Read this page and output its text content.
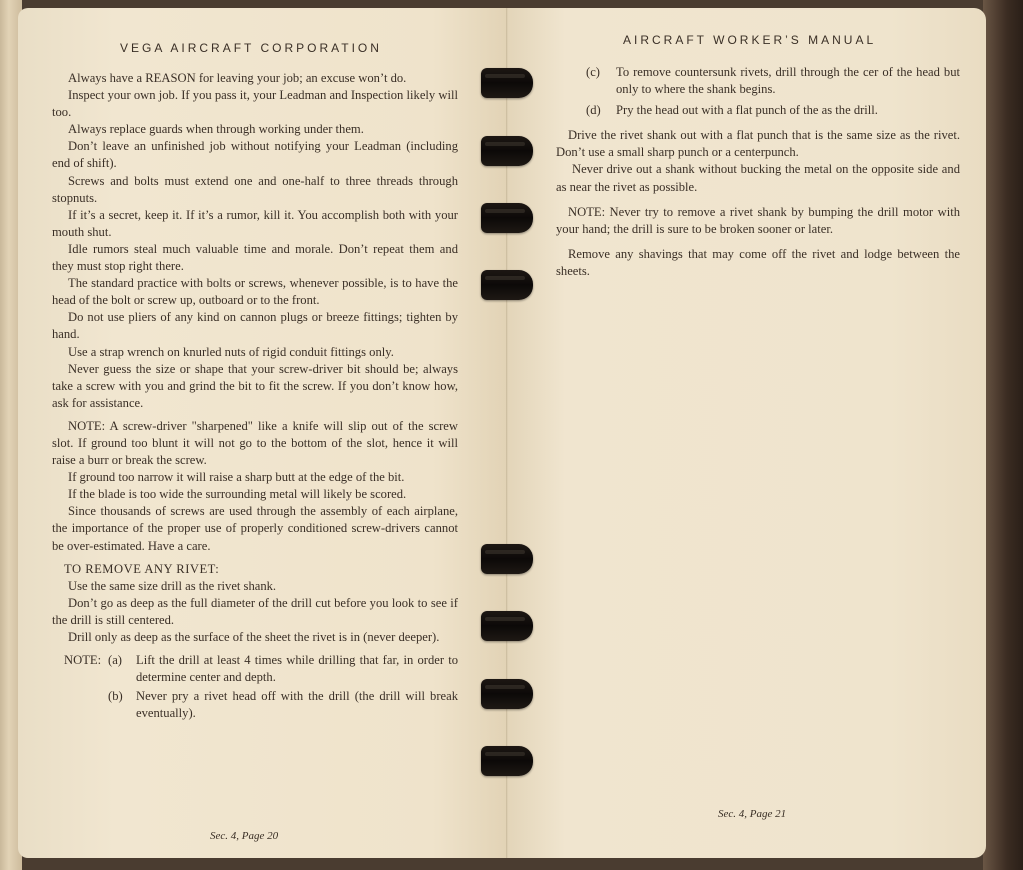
VEGA AIRCRAFT CORPORATION

Always have a REASON for leaving your job; an excuse won’t do.

Inspect your own job. If you pass it, your Leadman and Inspection likely will too.

Always replace guards when through working under them.

Don’t leave an unfinished job without notifying your Leadman (including end of shift).

Screws and bolts must extend one and one-half to three threads through stopnuts.

If it’s a secret, keep it. If it’s a rumor, kill it. You accomplish both with your mouth shut.

Idle rumors steal much valuable time and morale. Don’t repeat them and they must stop right there.

The standard practice with bolts or screws, whenever possible, is to have the head of the bolt or screw up, outboard or to the front.

Do not use pliers of any kind on cannon plugs or breeze fittings; tighten by hand.

Use a strap wrench on knurled nuts of rigid conduit fittings only.

Never guess the size or shape that your screw-driver bit should be; always take a screw with you and grind the bit to fit the screw. If you don’t know how, ask for assistance.

NOTE: A screw-driver "sharpened" like a knife will slip out of the screw slot. If ground too blunt it will not go to the bottom of the slot, hence it will raise a burr or break the screw.

If ground too narrow it will raise a sharp butt at the edge of the bit.

If the blade is too wide the surrounding metal will likely be scored.

Since thousands of screws are used through the assembly of each airplane, the importance of the proper use of properly conditioned screw-drivers cannot be over-estimated. Have a care.

TO REMOVE ANY RIVET:

Use the same size drill as the rivet shank.

Don’t go as deep as the full diameter of the drill cut before you look to see if the drill is still centered.

Drill only as deep as the surface of the sheet the rivet is in (never deeper).

NOTE: (a)	Lift the drill at least 4 times while drilling that far, in order to determine center and depth.
(b)	Never pry a rivet head off with the drill (the drill will break eventually).
Sec. 4, Page 20
AIRCRAFT WORKER’S MANUAL
(c)	To remove countersunk rivets, drill through the cer of the head but only to where the shank begins.
(d)	Pry the head out with a flat punch of the as the drill.

Drive the rivet shank out with a flat punch that is the same size as the rivet. Don’t use a small sharp punch or a centerpunch.

Never drive out a shank without bucking the metal on the opposite side and as near the rivet as possible.

NOTE: Never try to remove a rivet shank by bumping the drill motor with your hand; the drill is sure to be broken sooner or later.

Remove any shavings that may come off the rivet and lodge between the sheets.

Sec. 4, Page 21
